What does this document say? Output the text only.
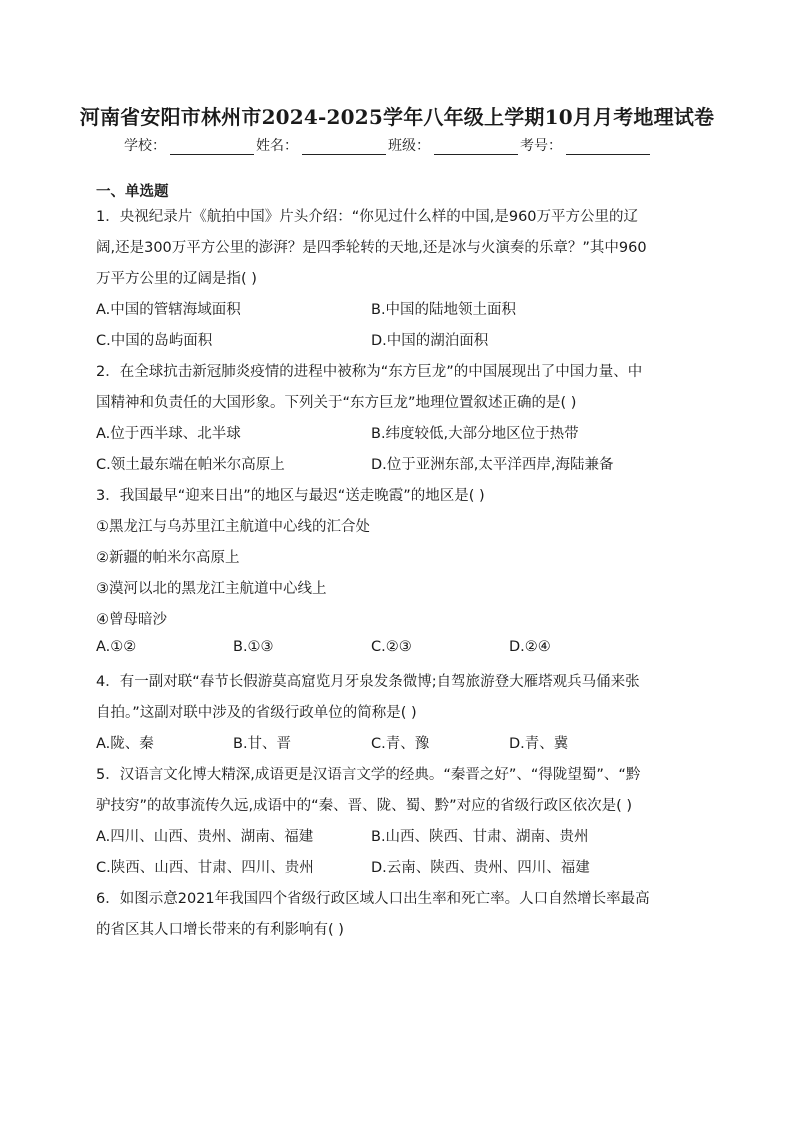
河南省安阳市林州市2024-2025学年八年级上学期10月月考地理试卷
学校：	姓名：	班级：	考号：
一、单选题
1．央视纪录片《航拍中国》片头介绍：“你见过什么样的中国,是960万平方公里的辽
阔,还是300万平方公里的澎湃？是四季轮转的天地,还是冰与火演奏的乐章？”其中960
万平方公里的辽阔是指( )
A.中国的管辖海域面积	B.中国的陆地领土面积
C.中国的岛屿面积	D.中国的湖泊面积
2．在全球抗击新冠肺炎疫情的进程中被称为“东方巨龙”的中国展现出了中国力量、中
国精神和负责任的大国形象。下列关于“东方巨龙”地理位置叙述正确的是( )
A.位于西半球、北半球	B.纬度较低,大部分地区位于热带
C.领土最东端在帕米尔高原上	D.位于亚洲东部,太平洋西岸,海陆兼备
3．我国最早“迎来日出”的地区与最迟“送走晚霞”的地区是( )
①黑龙江与乌苏里江主航道中心线的汇合处
②新疆的帕米尔高原上
③漠河以北的黑龙江主航道中心线上
④曾母暗沙
A.①②	B.①③	C.②③	D.②④
4．有一副对联“春节长假游莫高窟览月牙泉发条微博;自驾旅游登大雁塔观兵马俑来张
自拍。”这副对联中涉及的省级行政单位的简称是( )
A.陇、秦	B.甘、晋	C.青、豫	D.青、冀
5．汉语言文化博大精深,成语更是汉语言文学的经典。“秦晋之好”、“得陇望蜀”、“黔
驴技穷”的故事流传久远,成语中的“秦、晋、陇、蜀、黔”对应的省级行政区依次是( )
A.四川、山西、贵州、湖南、福建	B.山西、陕西、甘肃、湖南、贵州
C.陕西、山西、甘肃、四川、贵州	D.云南、陕西、贵州、四川、福建
6．如图示意2021年我国四个省级行政区域人口出生率和死亡率。人口自然增长率最高
的省区其人口增长带来的有利影响有( )
